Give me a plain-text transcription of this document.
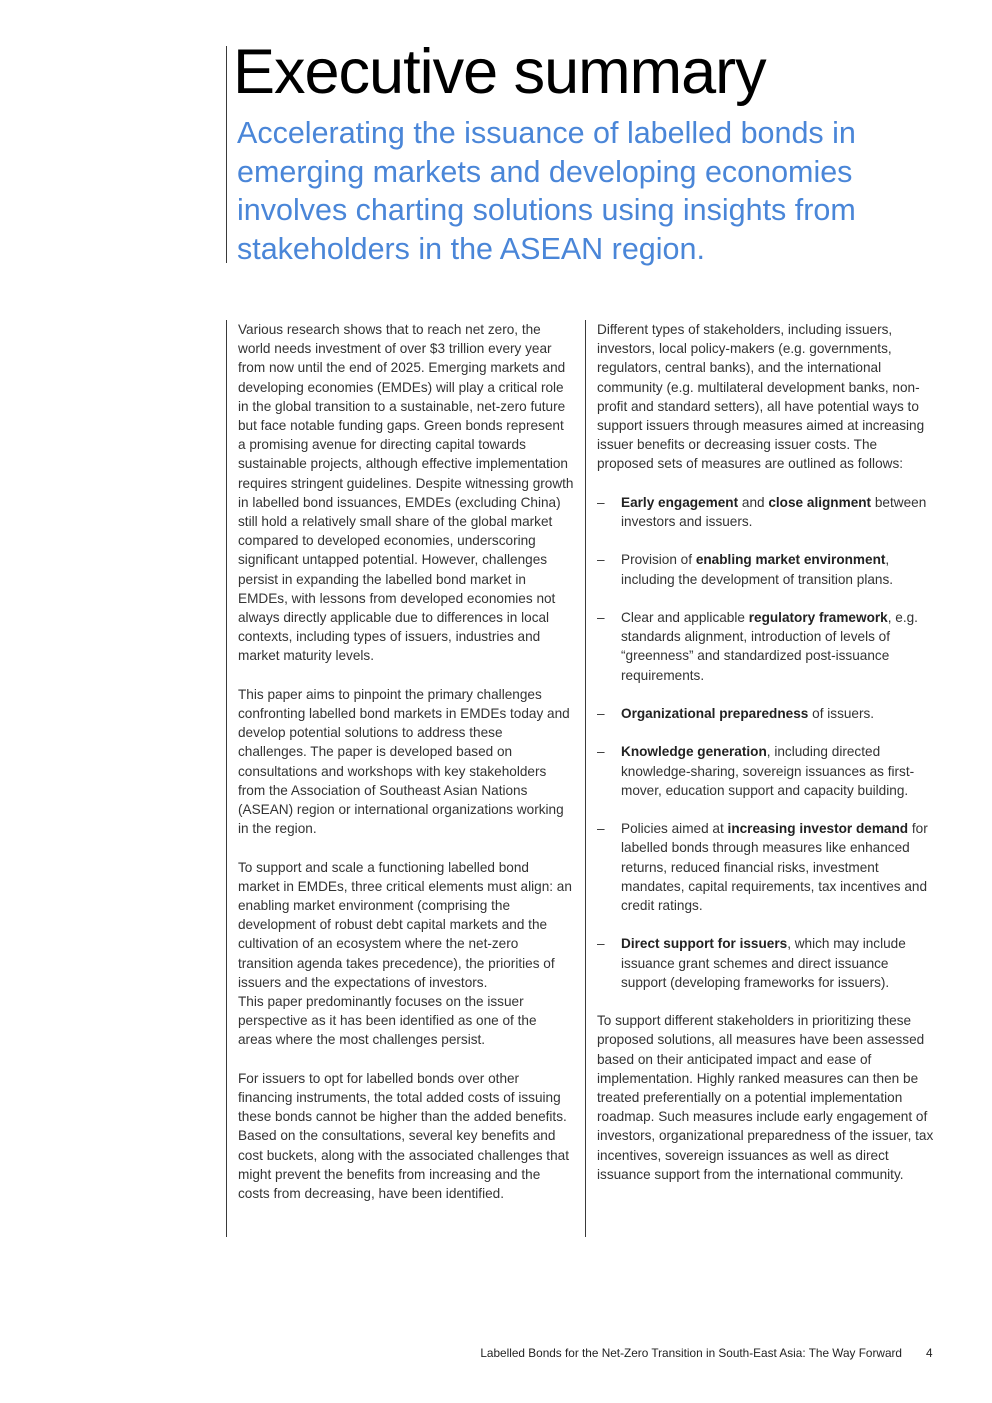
Executive summary
Accelerating the issuance of labelled bonds in emerging markets and developing economies involves charting solutions using insights from stakeholders in the ASEAN region.

Various research shows that to reach net zero, the world needs investment of over $3 trillion every year from now until the end of 2025. Emerging markets and developing economies (EMDEs) will play a critical role in the global transition to a sustainable, net-zero future but face notable funding gaps. Green bonds represent a promising avenue for directing capital towards sustainable projects, although effective implementation requires stringent guidelines. Despite witnessing growth in labelled bond issuances, EMDEs (excluding China) still hold a relatively small share of the global market compared to developed economies, underscoring significant untapped potential. However, challenges persist in expanding the labelled bond market in EMDEs, with lessons from developed economies not always directly applicable due to differences in local contexts, including types of issuers, industries and market maturity levels.

This paper aims to pinpoint the primary challenges confronting labelled bond markets in EMDEs today and develop potential solutions to address these challenges. The paper is developed based on consultations and workshops with key stakeholders from the Association of Southeast Asian Nations (ASEAN) region or international organizations working in the region.

To support and scale a functioning labelled bond market in EMDEs, three critical elements must align: an enabling market environment (comprising the development of robust debt capital markets and the cultivation of an ecosystem where the net-zero transition agenda takes precedence), the priorities of issuers and the expectations of investors.

This paper predominantly focuses on the issuer perspective as it has been identified as one of the areas where the most challenges persist.

For issuers to opt for labelled bonds over other financing instruments, the total added costs of issuing these bonds cannot be higher than the added benefits. Based on the consultations, several key benefits and cost buckets, along with the associated challenges that might prevent the benefits from increasing and the costs from decreasing, have been identified.

Different types of stakeholders, including issuers, investors, local policy-makers (e.g. governments, regulators, central banks), and the international community (e.g. multilateral development banks, non-profit and standard setters), all have potential ways to support issuers through measures aimed at increasing issuer benefits or decreasing issuer costs. The proposed sets of measures are outlined as follows:

– Early engagement and close alignment between investors and issuers.
– Provision of enabling market environment, including the development of transition plans.
– Clear and applicable regulatory framework, e.g. standards alignment, introduction of levels of “greenness” and standardized post-issuance requirements.
– Organizational preparedness of issuers.
– Knowledge generation, including directed knowledge-sharing, sovereign issuances as first-mover, education support and capacity building.
– Policies aimed at increasing investor demand for labelled bonds through measures like enhanced returns, reduced financial risks, investment mandates, capital requirements, tax incentives and credit ratings.
– Direct support for issuers, which may include issuance grant schemes and direct issuance support (developing frameworks for issuers).

To support different stakeholders in prioritizing these proposed solutions, all measures have been assessed based on their anticipated impact and ease of implementation. Highly ranked measures can then be treated preferentially on a potential implementation roadmap. Such measures include early engagement of investors, organizational preparedness of the issuer, tax incentives, sovereign issuances as well as direct issuance support from the international community.

Labelled Bonds for the Net-Zero Transition in South-East Asia: The Way Forward 4
